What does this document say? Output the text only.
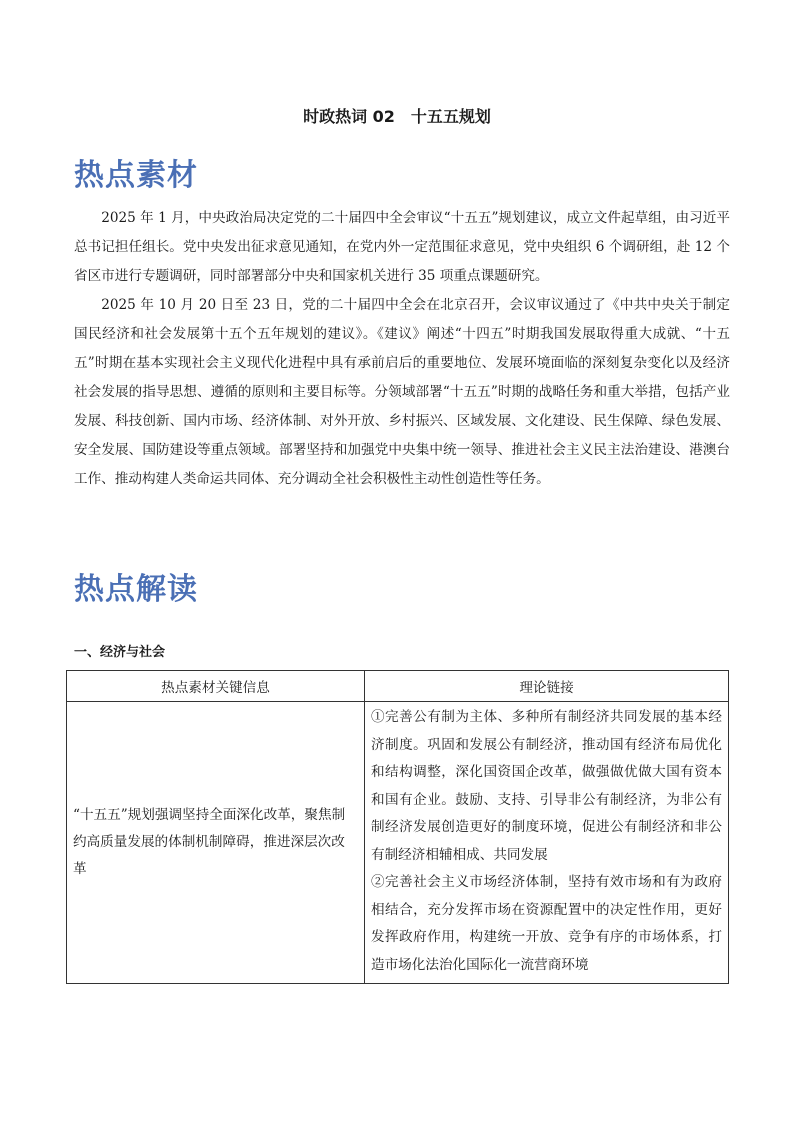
时政热词 02　十五五规划
热点素材

2025 年 1 月，中央政治局决定党的二十届四中全会审议“十五五”规划建议，成立文件起草组，由习近平总书记担任组长。党中央发出征求意见通知，在党内外一定范围征求意见，党中央组织 6 个调研组，赴 12 个省区市进行专题调研，同时部署部分中央和国家机关进行 35 项重点课题研究。

2025 年 10 月 20 日至 23 日，党的二十届四中全会在北京召开，会议审议通过了《中共中央关于制定国民经济和社会发展第十五个五年规划的建议》。《建议》阐述“十四五”时期我国发展取得重大成就、“十五五”时期在基本实现社会主义现代化进程中具有承前启后的重要地位、发展环境面临的深刻复杂变化以及经济社会发展的指导思想、遵循的原则和主要目标等。分领域部署“十五五”时期的战略任务和重大举措，包括产业发展、科技创新、国内市场、经济体制、对外开放、乡村振兴、区域发展、文化建设、民生保障、绿色发展、安全发展、国防建设等重点领域。部署坚持和加强党中央集中统一领导、推进社会主义民主法治建设、港澳台工作、推动构建人类命运共同体、充分调动全社会积极性主动性创造性等任务。

热点解读
一、经济与社会
热点素材关键信息	理论链接
“十五五”规划强调坚持全面深化改革，聚焦制约高质量发展的体制机制障碍，推进深层次改革	①完善公有制为主体、多种所有制经济共同发展的基本经济制度。巩固和发展公有制经济，推动国有经济布局优化和结构调整，深化国资国企改革，做强做优做大国有资本和国有企业。鼓励、支持、引导非公有制经济，为非公有制经济发展创造更好的制度环境，促进公有制经济和非公有制经济相辅相成、共同发展

②完善社会主义市场经济体制，坚持有效市场和有为政府相结合，充分发挥市场在资源配置中的决定性作用，更好发挥政府作用，构建统一开放、竞争有序的市场体系，打造市场化法治化国际化一流营商环境
